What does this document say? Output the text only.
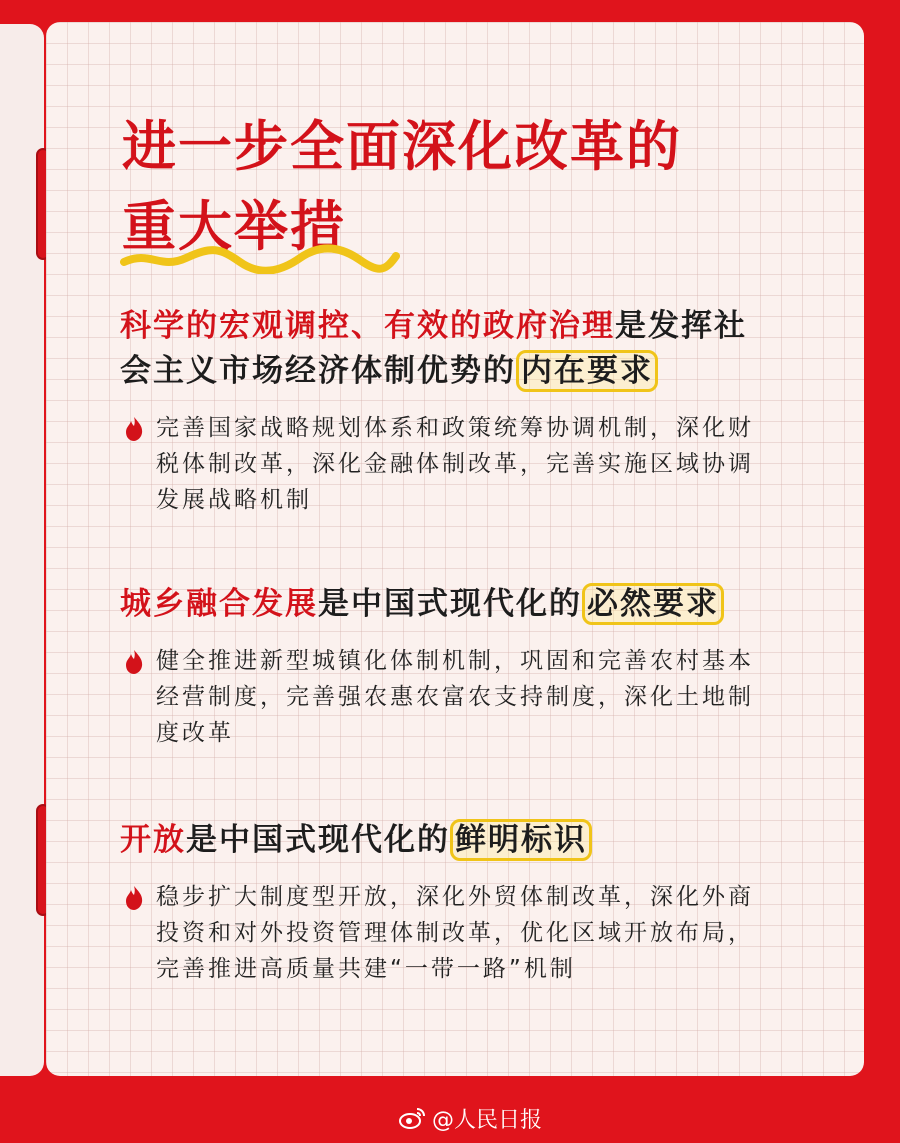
进一步全面深化改革的
重大举措
科学的宏观调控、有效的政府治理是发挥社会主义市场经济体制优势的 内在要求
完善国家战略规划体系和政策统筹协调机制，深化财税体制改革，深化金融体制改革，完善实施区域协调发展战略机制
城乡融合发展是中国式现代化的 必然要求
健全推进新型城镇化体制机制，巩固和完善农村基本经营制度，完善强农惠农富农支持制度，深化土地制度改革
开放是中国式现代化的 鲜明标识
稳步扩大制度型开放，深化外贸体制改革，深化外商投资和对外投资管理体制改革，优化区域开放布局，完善推进高质量共建“一带一路”机制
@人民日报
